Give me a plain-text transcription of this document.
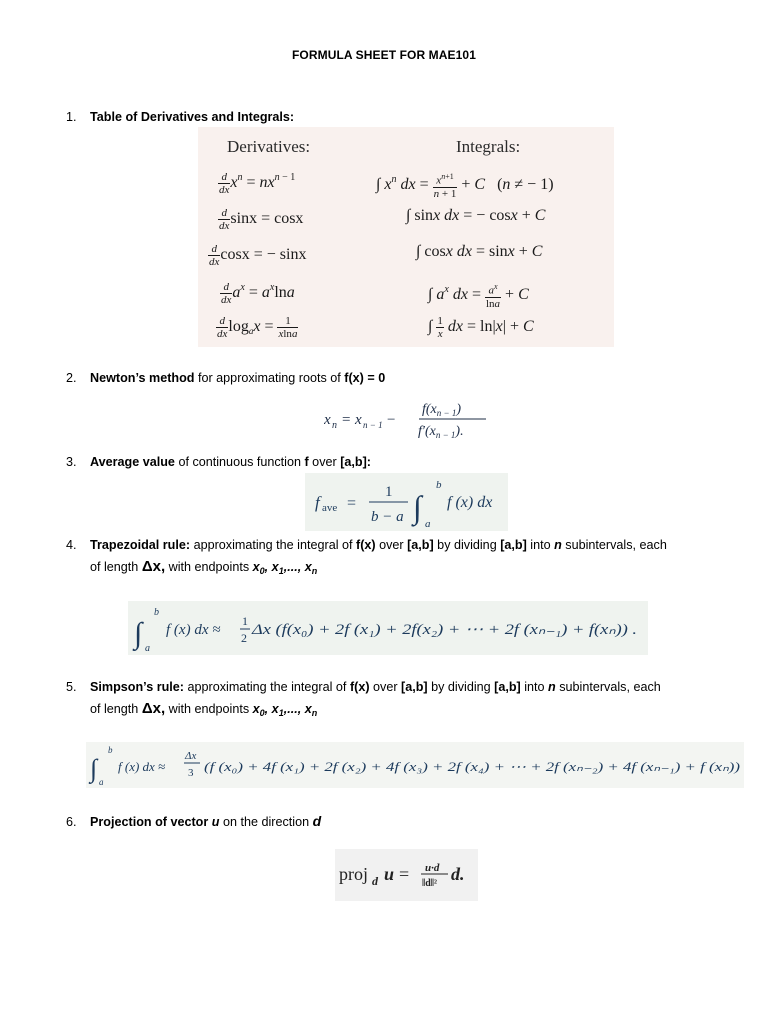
FORMULA SHEET FOR MAE101
1. Table of Derivatives and Integrals:
Derivatives:	Integrals:
$\frac{d}{dx} x^n = nx^{n - 1}$
$\frac{d}{dx}$ sinx = cosx
$\frac{d}{dx}$ cosx = − sinx
$\frac{d}{dx} a^x = a^x\ln a$
$\frac{d}{dx} \log_ax = \frac{1}{xlna}$
∫ $x^n$ dx = $\frac{x^{n+1}}{n + 1} + C$   (n ≠ − 1)
∫ sinx dx = − cosx + C
∫ cosx dx = sinx + C
∫ $a^x$ dx = $\frac{a^x}{\ln a} + C$
∫ $\frac{1}{x}$ dx = ln|x| + C
2. Newton’s method for approximating roots of f(x) = 0
x n = x n − 1 −
$f(x_{n - 1})$
$f'(x_{n - 1})$.
3. Average value of continuous function f over [a,b]:
f ave =
1
b − a ∫
b
a
f (x) dx
4. Trapezoidal rule: approximating the integral of f(x) over [a,b] by dividing [a,b] into n subintervals, each
of length Δx, with endpoints $x_0$, $x_1$,..., $x_n$
∫
b
a
f (x) dx ≈
1
2 Δx (f(x₀) + 2f (x₁) + 2f(x₂) + ⋯ + 2f (xₙ₋₁) + f(xₙ)) .
5. Simpson’s rule: approximating the integral of f(x) over [a,b] by dividing [a,b] into n subintervals, each
of length Δx, with endpoints $x_0$, $x_1$,..., $x_n$
∫
b
a
f (x) dx ≈
Δx
3 (f (x₀) + 4f (x₁) + 2f (x₂) + 4f (x₃) + 2f (x₄) + ⋯ + 2f (xₙ₋₂) + 4f (xₙ₋₁) + f (xₙ))
6. Projection of vector u on the direction d
proj d u = u·d
‖d‖² d.
